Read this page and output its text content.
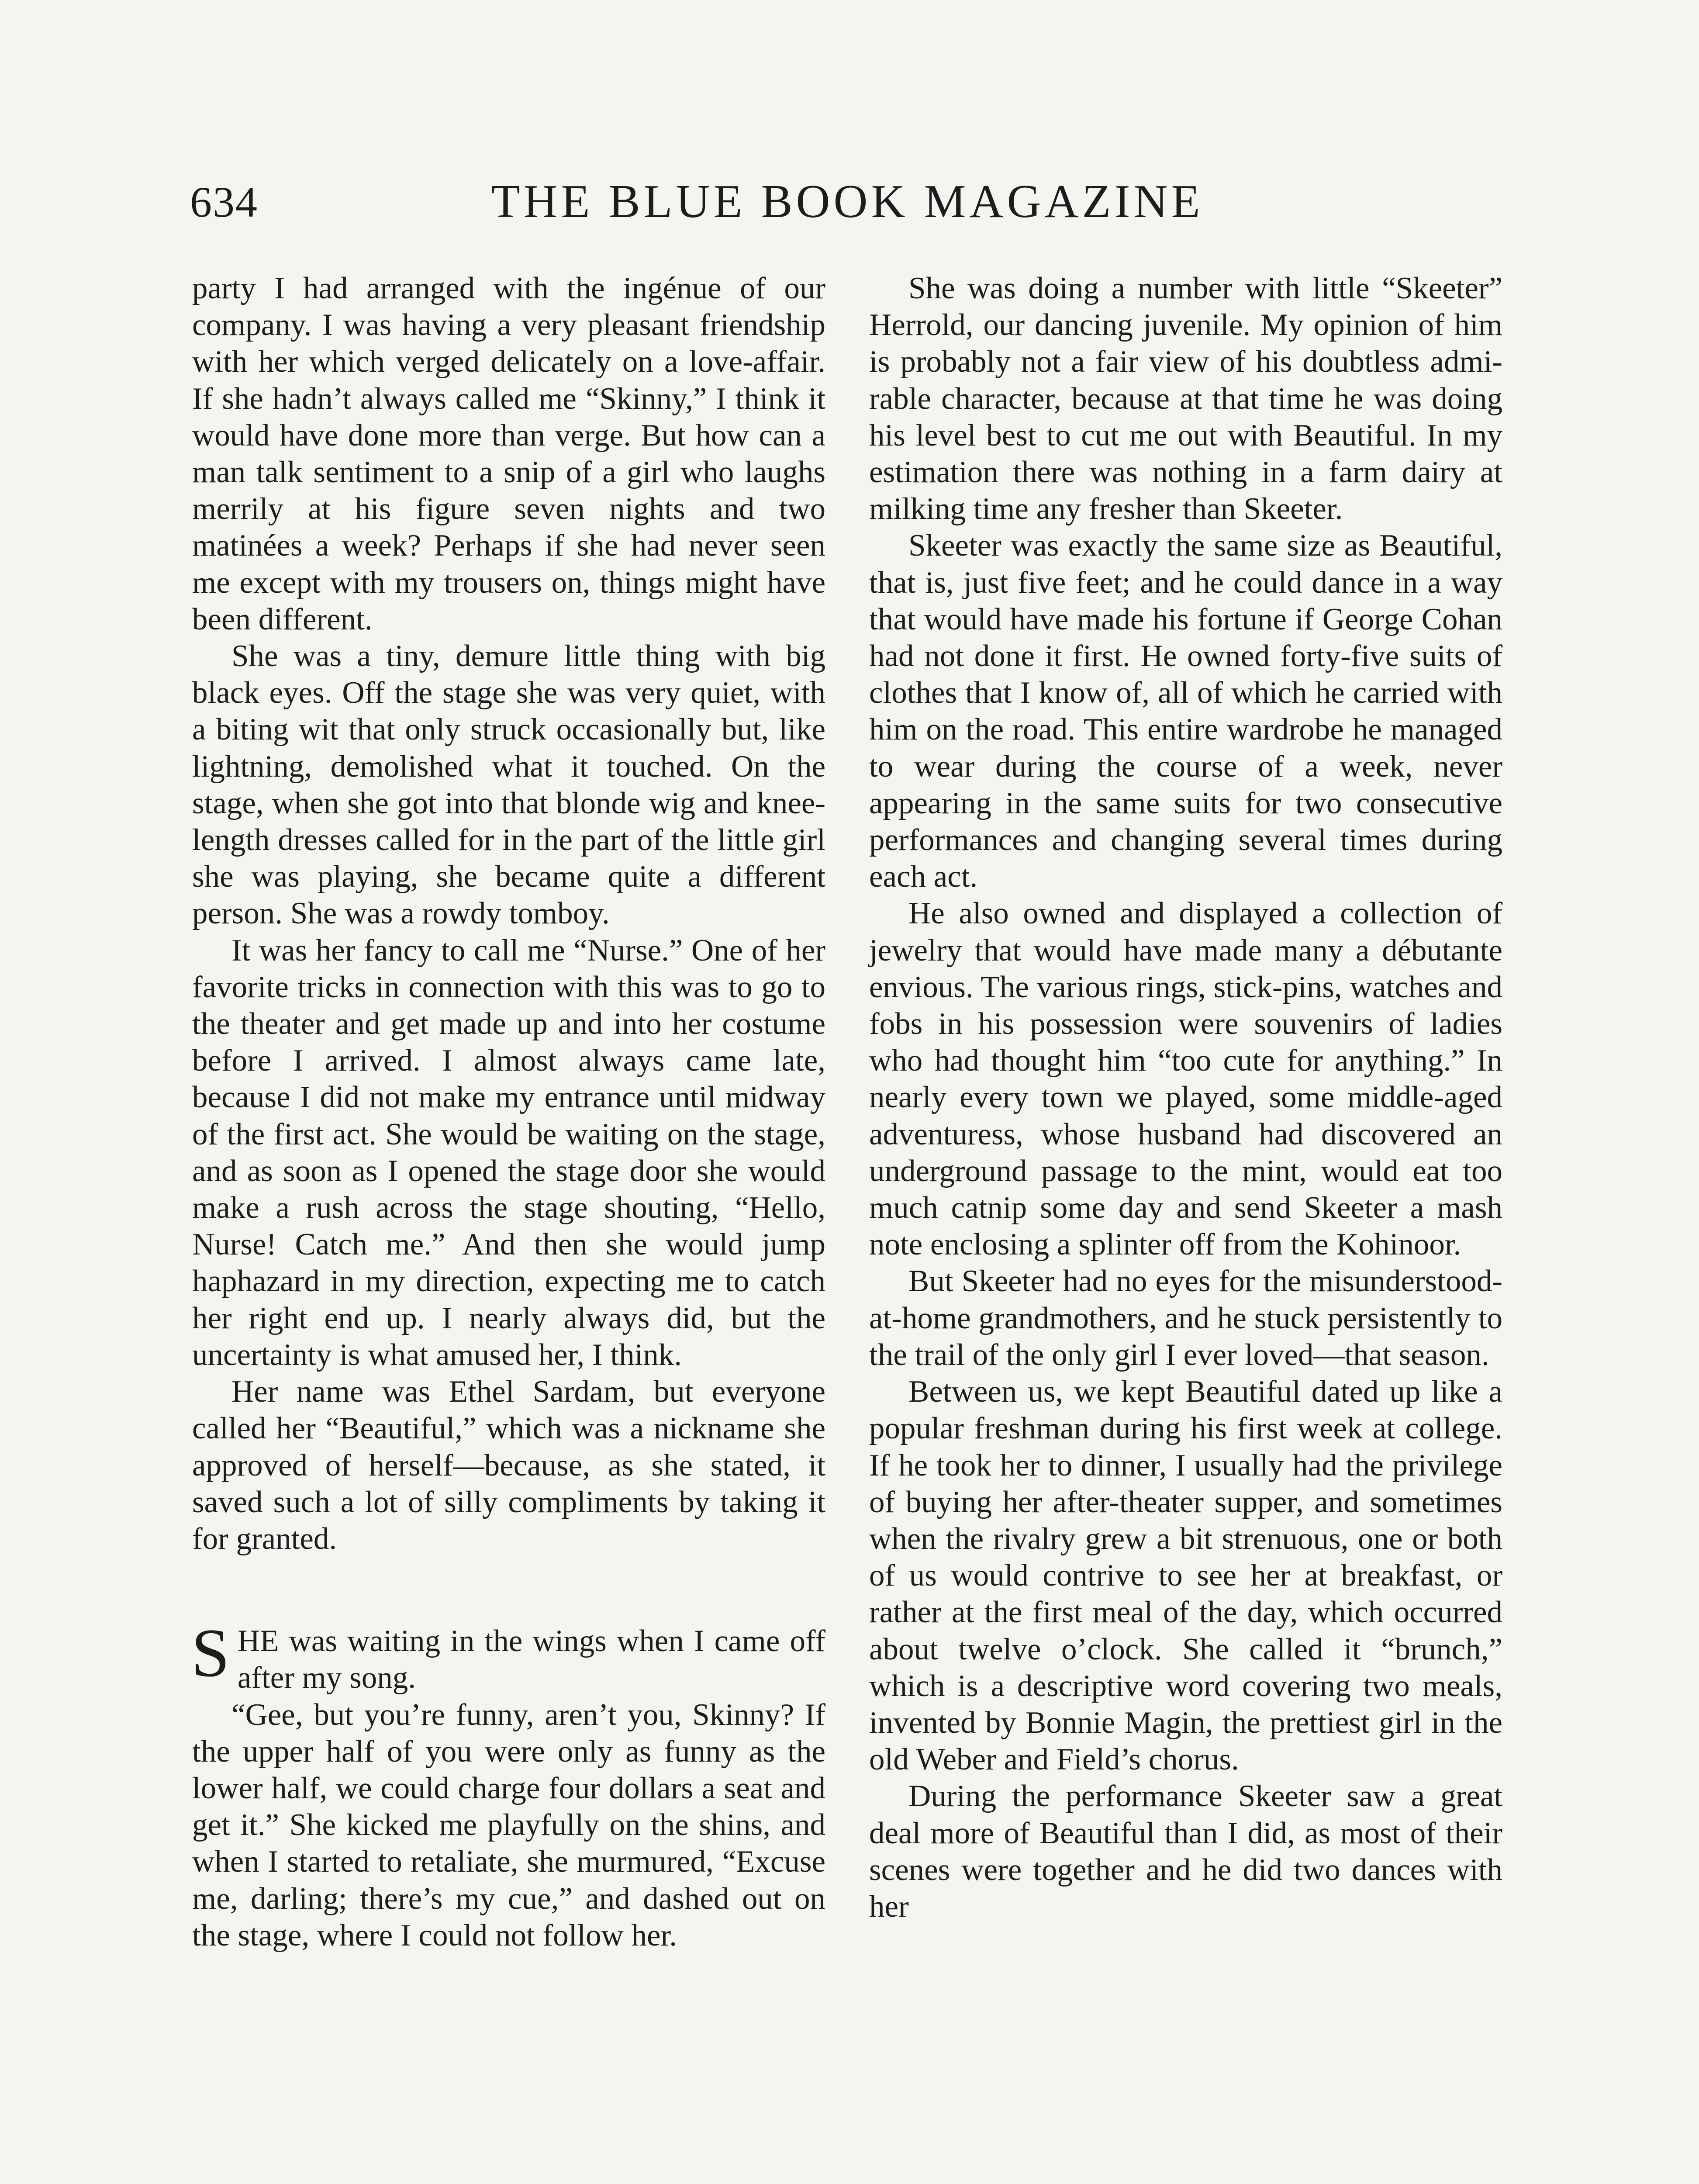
634	THE BLUE BOOK MAGAZINE

party I had arranged with the ingénue of our company. I was having a very pleasant friendship with her which verged delicately on a love-affair. If she hadn’t always called me “Skinny,” I think it would have done more than verge. But how can a man talk sentiment to a snip of a girl who laughs merrily at his figure seven nights and two matinées a week? Perhaps if she had never seen me except with my trousers on, things might have been different.

She was a tiny, demure little thing with big black eyes. Off the stage she was very quiet, with a biting wit that only struck occasionally but, like lightning, demolished what it touched. On the stage, when she got into that blonde wig and knee-length dresses called for in the part of the little girl she was playing, she became quite a different person. She was a rowdy tomboy.

It was her fancy to call me “Nurse.” One of her favorite tricks in connection with this was to go to the theater and get made up and into her costume before I arrived. I almost always came late, because I did not make my entrance until midway of the first act. She would be waiting on the stage, and as soon as I opened the stage door she would make a rush across the stage shouting, “Hello, Nurse! Catch me.” And then she would jump haphazard in my direction, expecting me to catch her right end up. I nearly always did, but the uncertainty is what amused her, I think.

Her name was Ethel Sardam, but everyone called her “Beautiful,” which was a nickname she approved of herself—because, as she stated, it saved such a lot of silly compliments by taking it for granted.

SHE was waiting in the wings when I came off after my song.

“Gee, but you’re funny, aren’t you, Skinny? If the upper half of you were only as funny as the lower half, we could charge four dollars a seat and get it.” She kicked me playfully on the shins, and when I started to retaliate, she murmured, “Excuse me, darling; there’s my cue,” and dashed out on the stage, where I could not follow her.

She was doing a number with little “Skeeter” Herrold, our dancing juvenile. My opinion of him is probably not a fair view of his doubtless admirable character, because at that time he was doing his level best to cut me out with Beautiful. In my estimation there was nothing in a farm dairy at milking time any fresher than Skeeter.

Skeeter was exactly the same size as Beautiful, that is, just five feet; and he could dance in a way that would have made his fortune if George Cohan had not done it first. He owned forty-five suits of clothes that I know of, all of which he carried with him on the road. This entire wardrobe he managed to wear during the course of a week, never appearing in the same suits for two consecutive performances and changing several times during each act.

He also owned and displayed a collection of jewelry that would have made many a débutante envious. The various rings, stick-pins, watches and fobs in his possession were souvenirs of ladies who had thought him “too cute for anything.” In nearly every town we played, some middle-aged adventuress, whose husband had discovered an underground passage to the mint, would eat too much catnip some day and send Skeeter a mash note enclosing a splinter off from the Kohinoor.

But Skeeter had no eyes for the misunderstood-at-home grandmothers, and he stuck persistently to the trail of the only girl I ever loved—that season.

Between us, we kept Beautiful dated up like a popular freshman during his first week at college. If he took her to dinner, I usually had the privilege of buying her after-theater supper, and sometimes when the rivalry grew a bit strenuous, one or both of us would contrive to see her at breakfast, or rather at the first meal of the day, which occurred about twelve o’clock. She called it “brunch,” which is a descriptive word covering two meals, invented by Bonnie Magin, the prettiest girl in the old Weber and Field’s chorus.

During the performance Skeeter saw a great deal more of Beautiful than I did, as most of their scenes were together and he did two dances with her
